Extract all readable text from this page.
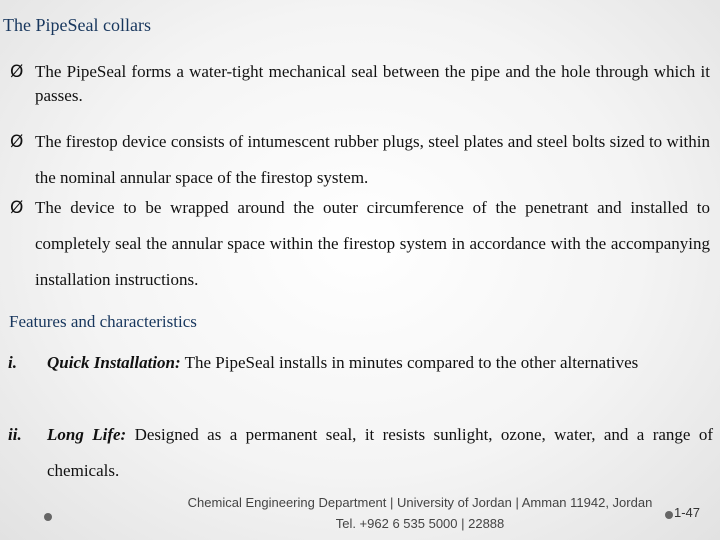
The PipeSeal collars
Ø The PipeSeal forms a water-tight mechanical seal between the pipe and the hole through which it passes.
Ø The firestop device consists of intumescent rubber plugs, steel plates and steel bolts sized to within the nominal annular space of the firestop system.
Ø The device to be wrapped around the outer circumference of the penetrant and installed to completely seal the annular space within the firestop system in accordance with the accompanying installation instructions.
Features and characteristics
i. Quick Installation: The PipeSeal installs in minutes compared to the other alternatives
ii. Long Life: Designed as a permanent seal, it resists sunlight, ozone, water, and a range of chemicals.
Chemical Engineering Department | University of Jordan | Amman 11942, Jordan
Tel. +962 6 535 5000 | 22888
1-47
